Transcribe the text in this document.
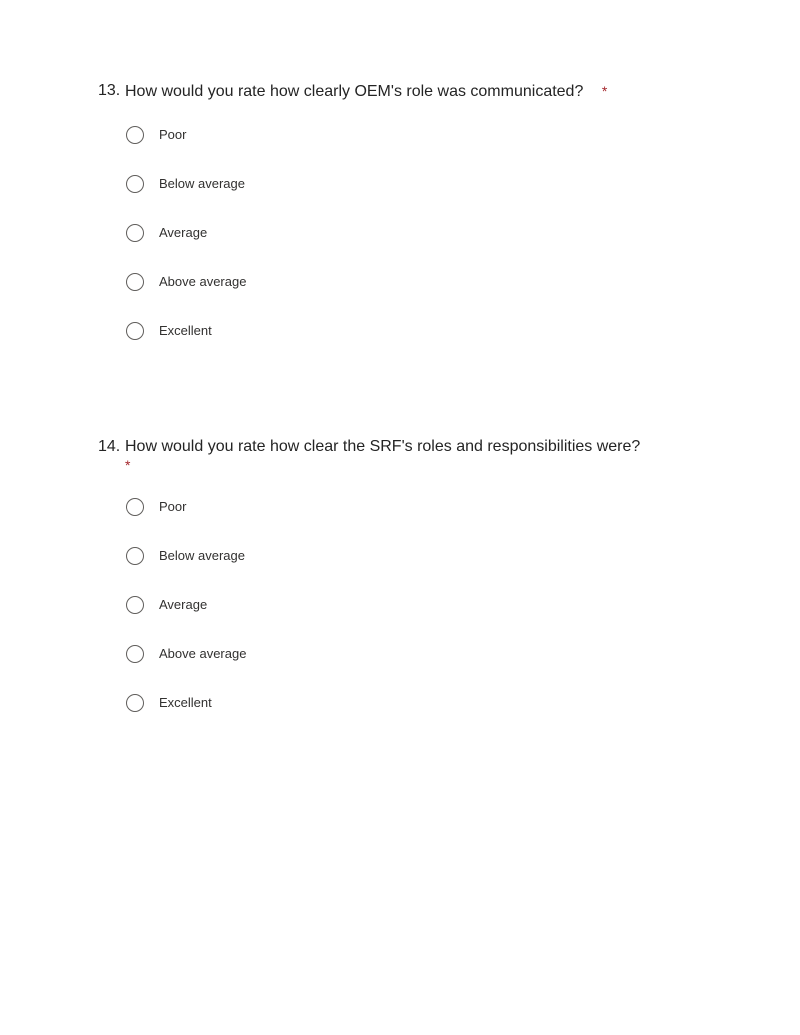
13. How would you rate how clearly OEM's role was communicated? *
Poor
Below average
Average
Above average
Excellent
14. How would you rate how clear the SRF's roles and responsibilities were?
*
Poor
Below average
Average
Above average
Excellent
